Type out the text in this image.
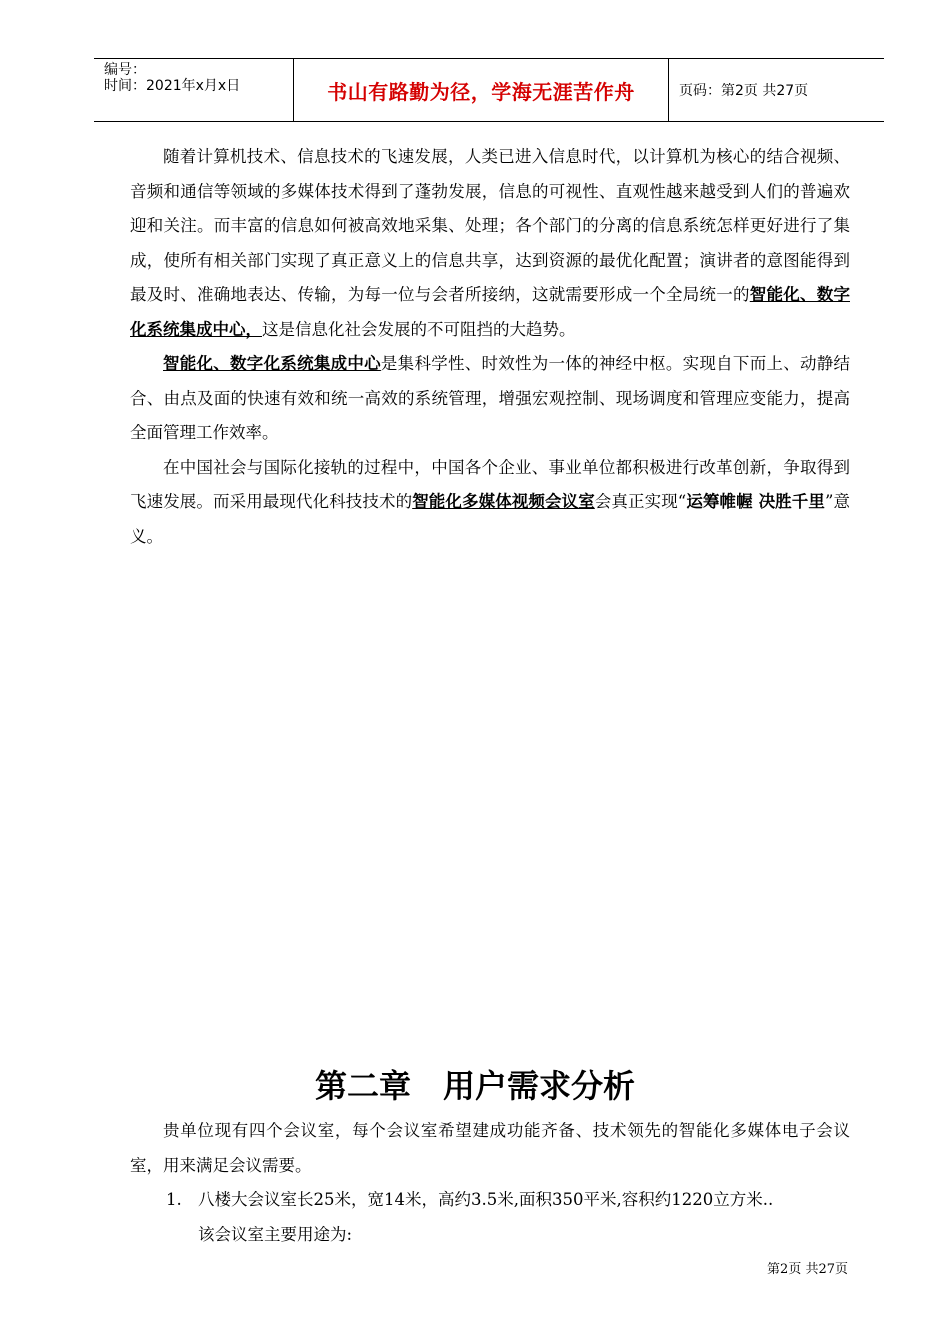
编号：
时间：2021年x月x日	书山有路勤为径，学海无涯苦作舟	页码：第2页 共27页

随着计算机技术、信息技术的飞速发展，人类已进入信息时代，以计算机为核心的结合视频、音频和通信等领域的多媒体技术得到了蓬勃发展，信息的可视性、直观性越来越受到人们的普遍欢迎和关注。而丰富的信息如何被高效地采集、处理；各个部门的分离的信息系统怎样更好进行了集成，使所有相关部门实现了真正意义上的信息共享，达到资源的最优化配置；演讲者的意图能得到最及时、准确地表达、传输，为每一位与会者所接纳，这就需要形成一个全局统一的智能化、数字化系统集成中心，这是信息化社会发展的不可阻挡的大趋势。

智能化、数字化系统集成中心是集科学性、时效性为一体的神经中枢。实现自下而上、动静结合、由点及面的快速有效和统一高效的系统管理，增强宏观控制、现场调度和管理应变能力，提高全面管理工作效率。

在中国社会与国际化接轨的过程中，中国各个企业、事业单位都积极进行改革创新，争取得到飞速发展。而采用最现代化科技技术的智能化多媒体视频会议室会真正实现“运筹帷幄 决胜千里”意义。

第二章　用户需求分析

贵单位现有四个会议室，每个会议室希望建成功能齐备、技术领先的智能化多媒体电子会议室，用来满足会议需要。

1. 八楼大会议室长25米，宽14米，高约3.5米,面积350平米,容积约1220立方米..
该会议室主要用途为:
第2页 共27页
